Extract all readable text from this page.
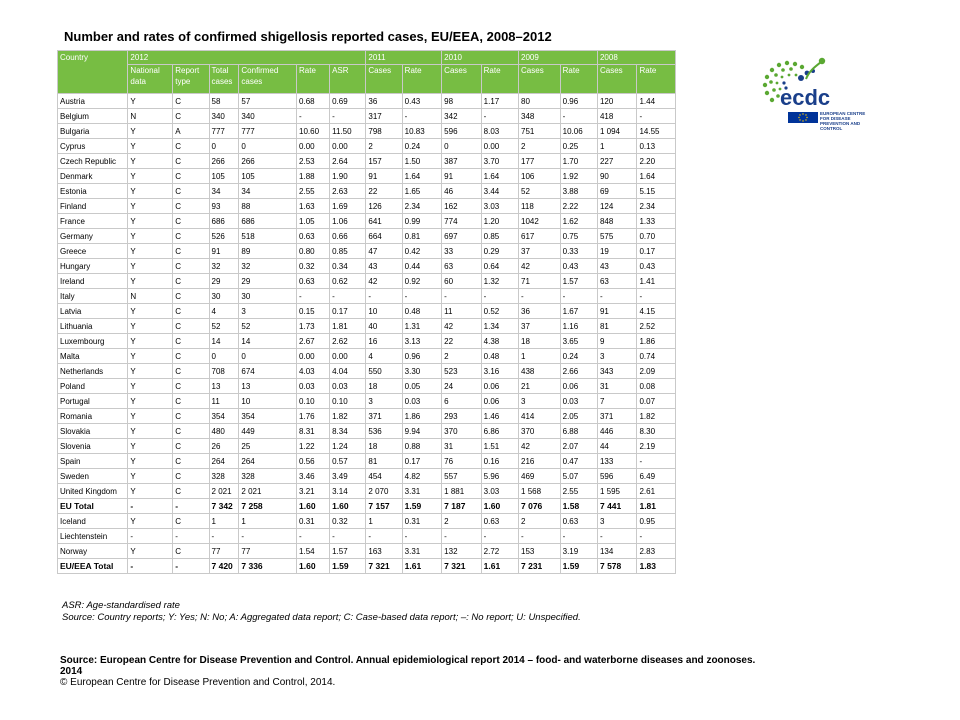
Number and rates of confirmed shigellosis reported cases, EU/EEA, 2008–2012
Country	2012						2011		2010		2009		2008	
	National data	Report type	Total cases	Confirmed cases	Rate	ASR	Cases	Rate	Cases	Rate	Cases	Rate	Cases	Rate
Austria	Y	C	58	57	0.68	0.69	36	0.43	98	1.17	80	0.96	120	1.44
Belgium	N	C	340	340	-	-	317	-	342	-	348	-	418	-
Bulgaria	Y	A	777	777	10.60	11.50	798	10.83	596	8.03	751	10.06	1 094	14.55
Cyprus	Y	C	0	0	0.00	0.00	2	0.24	0	0.00	2	0.25	1	0.13
Czech Republic	Y	C	266	266	2.53	2.64	157	1.50	387	3.70	177	1.70	227	2.20
Denmark	Y	C	105	105	1.88	1.90	91	1.64	91	1.64	106	1.92	90	1.64
Estonia	Y	C	34	34	2.55	2.63	22	1.65	46	3.44	52	3.88	69	5.15
Finland	Y	C	93	88	1.63	1.69	126	2.34	162	3.03	118	2.22	124	2.34
France	Y	C	686	686	1.05	1.06	641	0.99	774	1.20	1042	1.62	848	1.33
Germany	Y	C	526	518	0.63	0.66	664	0.81	697	0.85	617	0.75	575	0.70
Greece	Y	C	91	89	0.80	0.85	47	0.42	33	0.29	37	0.33	19	0.17
Hungary	Y	C	32	32	0.32	0.34	43	0.44	63	0.64	42	0.43	43	0.43
Ireland	Y	C	29	29	0.63	0.62	42	0.92	60	1.32	71	1.57	63	1.41
Italy	N	C	30	30	-	-	-	-	-	-	-	-	-	-
Latvia	Y	C	4	3	0.15	0.17	10	0.48	11	0.52	36	1.67	91	4.15
Lithuania	Y	C	52	52	1.73	1.81	40	1.31	42	1.34	37	1.16	81	2.52
Luxembourg	Y	C	14	14	2.67	2.62	16	3.13	22	4.38	18	3.65	9	1.86
Malta	Y	C	0	0	0.00	0.00	4	0.96	2	0.48	1	0.24	3	0.74
Netherlands	Y	C	708	674	4.03	4.04	550	3.30	523	3.16	438	2.66	343	2.09
Poland	Y	C	13	13	0.03	0.03	18	0.05	24	0.06	21	0.06	31	0.08
Portugal	Y	C	11	10	0.10	0.10	3	0.03	6	0.06	3	0.03	7	0.07
Romania	Y	C	354	354	1.76	1.82	371	1.86	293	1.46	414	2.05	371	1.82
Slovakia	Y	C	480	449	8.31	8.34	536	9.94	370	6.86	370	6.88	446	8.30
Slovenia	Y	C	26	25	1.22	1.24	18	0.88	31	1.51	42	2.07	44	2.19
Spain	Y	C	264	264	0.56	0.57	81	0.17	76	0.16	216	0.47	133	-
Sweden	Y	C	328	328	3.46	3.49	454	4.82	557	5.96	469	5.07	596	6.49
United Kingdom	Y	C	2 021	2 021	3.21	3.14	2 070	3.31	1 881	3.03	1 568	2.55	1 595	2.61
EU Total	-	-	7 342	7 258	1.60	1.60	7 157	1.59	7 187	1.60	7 076	1.58	7 441	1.81
Iceland	Y	C	1	1	0.31	0.32	1	0.31	2	0.63	2	0.63	3	0.95
Liechtenstein	-	-	-	-	-	-	-	-	-	-	-	-	-	-
Norway	Y	C	77	77	1.54	1.57	163	3.31	132	2.72	153	3.19	134	2.83
EU/EEA Total	-	-	7 420	7 336	1.60	1.59	7 321	1.61	7 321	1.61	7 231	1.59	7 578	1.83
ecdc
EUROPEAN CENTRE FOR DISEASE PREVENTION AND CONTROL
ASR: Age-standardised rate
Source: Country reports; Y: Yes; N: No; A: Aggregated data report; C: Case-based data report; –: No report; U: Unspecified.
Source: European Centre for Disease Prevention and Control. Annual epidemiological report 2014 – food- and waterborne diseases and zoonoses. 2014
© European Centre for Disease Prevention and Control, 2014.
